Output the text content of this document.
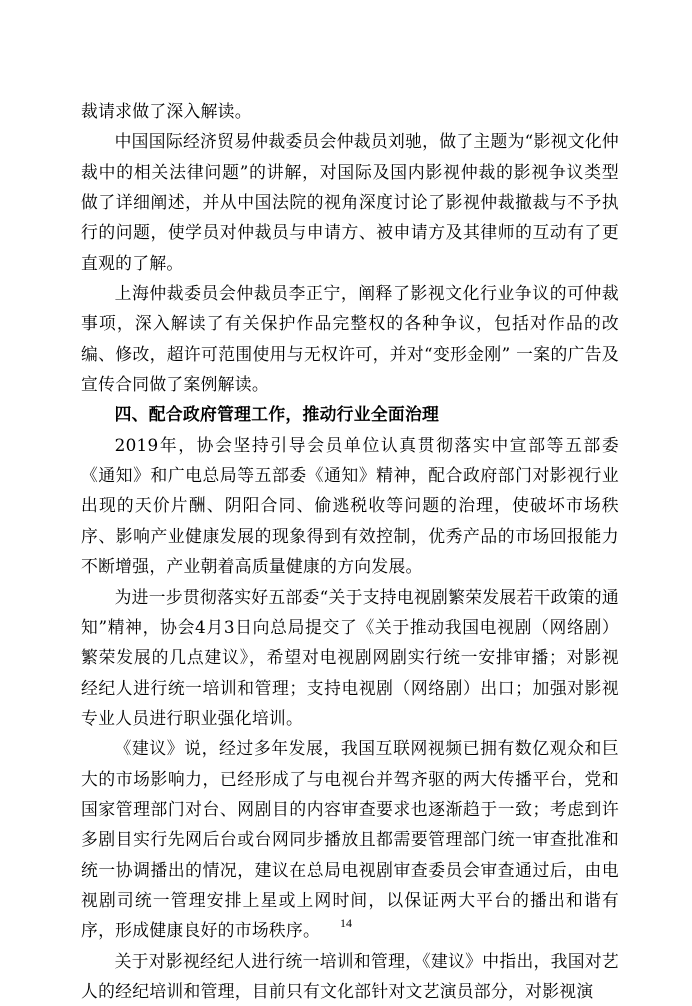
裁请求做了深入解读。

中国国际经济贸易仲裁委员会仲裁员刘驰，做了主题为“影视文化仲裁中的相关法律问题”的讲解，对国际及国内影视仲裁的影视争议类型做了详细阐述，并从中国法院的视角深度讨论了影视仲裁撤裁与不予执行的问题，使学员对仲裁员与申请方、被申请方及其律师的互动有了更直观的了解。

上海仲裁委员会仲裁员李正宁，阐释了影视文化行业争议的可仲裁事项，深入解读了有关保护作品完整权的各种争议，包括对作品的改编、修改，超许可范围使用与无权许可，并对“变形金刚” 一案的广告及宣传合同做了案例解读。

四、配合政府管理工作，推动行业全面治理

2019年，协会坚持引导会员单位认真贯彻落实中宣部等五部委《通知》和广电总局等五部委《通知》精神，配合政府部门对影视行业出现的天价片酬、阴阳合同、偷逃税收等问题的治理，使破坏市场秩序、影响产业健康发展的现象得到有效控制，优秀产品的市场回报能力不断增强，产业朝着高质量健康的方向发展。

为进一步贯彻落实好五部委“关于支持电视剧繁荣发展若干政策的通知”精神，协会4月3日向总局提交了《关于推动我国电视剧（网络剧）繁荣发展的几点建议》，希望对电视剧网剧实行统一安排审播；对影视经纪人进行统一培训和管理；支持电视剧（网络剧）出口；加强对影视专业人员进行职业强化培训。

《建议》说，经过多年发展，我国互联网视频已拥有数亿观众和巨大的市场影响力，已经形成了与电视台并驾齐驱的两大传播平台，党和国家管理部门对台、网剧目的内容审查要求也逐渐趋于一致；考虑到许多剧目实行先网后台或台网同步播放且都需要管理部门统一审查批准和统一协调播出的情况，建议在总局电视剧审查委员会审查通过后，由电视剧司统一管理安排上星或上网时间，以保证两大平台的播出和谐有序，形成健康良好的市场秩序。

关于对影视经纪人进行统一培训和管理，《建议》中指出，我国对艺人的经纪培训和管理，目前只有文化部针对文艺演员部分，对影视演

14
